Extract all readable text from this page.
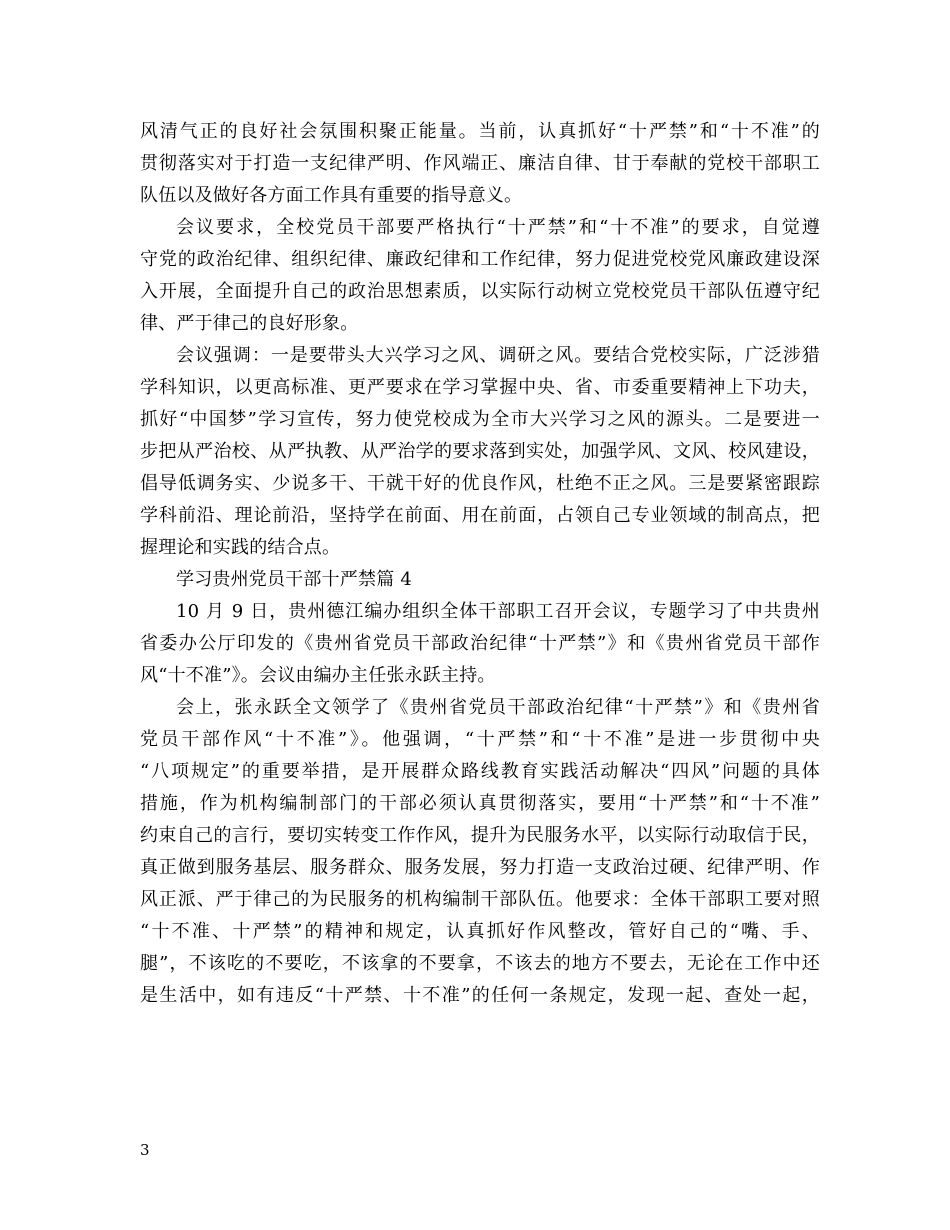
风清气正的良好社会氛围积聚正能量。当前，认真抓好“十严禁”和“十不准”的
贯彻落实对于打造一支纪律严明、作风端正、廉洁自律、甘于奉献的党校干部职工
队伍以及做好各方面工作具有重要的指导意义。
会议要求，全校党员干部要严格执行“十严禁”和“十不准”的要求，自觉遵
守党的政治纪律、组织纪律、廉政纪律和工作纪律，努力促进党校党风廉政建设深
入开展，全面提升自己的政治思想素质，以实际行动树立党校党员干部队伍遵守纪
律、严于律己的良好形象。
会议强调：一是要带头大兴学习之风、调研之风。要结合党校实际，广泛涉猎
学科知识，以更高标准、更严要求在学习掌握中央、省、市委重要精神上下功夫，
抓好“中国梦”学习宣传，努力使党校成为全市大兴学习之风的源头。二是要进一
步把从严治校、从严执教、从严治学的要求落到实处，加强学风、文风、校风建设，
倡导低调务实、少说多干、干就干好的优良作风，杜绝不正之风。三是要紧密跟踪
学科前沿、理论前沿，坚持学在前面、用在前面，占领自己专业领域的制高点，把
握理论和实践的结合点。
学习贵州党员干部十严禁篇 4
10 月 9 日，贵州德江编办组织全体干部职工召开会议，专题学习了中共贵州
省委办公厅印发的《贵州省党员干部政治纪律“十严禁”》和《贵州省党员干部作
风“十不准”》。会议由编办主任张永跃主持。
会上，张永跃全文领学了《贵州省党员干部政治纪律“十严禁”》和《贵州省
党员干部作风“十不准”》。他强调，“十严禁”和“十不准”是进一步贯彻中央
“八项规定”的重要举措，是开展群众路线教育实践活动解决“四风”问题的具体
措施，作为机构编制部门的干部必须认真贯彻落实，要用“十严禁”和“十不准”
约束自己的言行，要切实转变工作作风，提升为民服务水平，以实际行动取信于民，
真正做到服务基层、服务群众、服务发展，努力打造一支政治过硬、纪律严明、作
风正派、严于律己的为民服务的机构编制干部队伍。他要求：全体干部职工要对照
“十不准、十严禁”的精神和规定，认真抓好作风整改，管好自己的“嘴、手、
腿”，不该吃的不要吃，不该拿的不要拿，不该去的地方不要去，无论在工作中还
是生活中，如有违反“十严禁、十不准”的任何一条规定，发现一起、查处一起，
3
